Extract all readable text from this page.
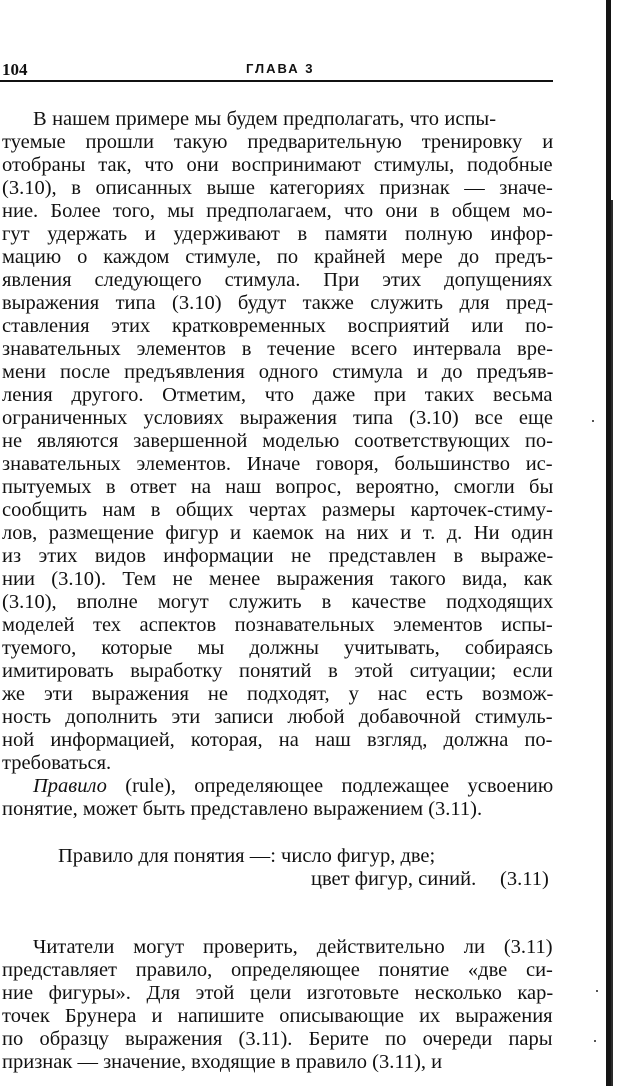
104	ГЛАВА 3
В нашем примере мы будем предполагать, что испы-
туемые прошли такую предварительную тренировку и
отобраны так, что они воспринимают стимулы, подобные
(3.10), в описанных выше категориях признак — значе-
ние. Более того, мы предполагаем, что они в общем мо-
гут удержать и удерживают в памяти полную инфор-
мацию о каждом стимуле, по крайней мере до предъ-
явления следующего стимула. При этих допущениях
выражения типа (3.10) будут также служить для пред-
ставления этих кратковременных восприятий или по-
знавательных элементов в течение всего интервала вре-
мени после предъявления одного стимула и до предъяв-
ления другого. Отметим, что даже при таких весьма
ограниченных условиях выражения типа (3.10) все еще
не являются завершенной моделью соответствующих по-
знавательных элементов. Иначе говоря, большинство ис-
пытуемых в ответ на наш вопрос, вероятно, смогли бы
сообщить нам в общих чертах размеры карточек-стиму-
лов, размещение фигур и каемок на них и т. д. Ни один
из этих видов информации не представлен в выраже-
нии (3.10). Тем не менее выражения такого вида, как
(3.10), вполне могут служить в качестве подходящих
моделей тех аспектов познавательных элементов испы-
туемого, которые мы должны учитывать, собираясь
имитировать выработку понятий в этой ситуации; если
же эти выражения не подходят, у нас есть возмож-
ность дополнить эти записи любой добавочной стимуль-
ной информацией, которая, на наш взгляд, должна по-
требоваться.
Правило (rule), определяющее подлежащее усвоению
понятие, может быть представлено выражением (3.11).
Правило для понятия —: число фигур, две;
цвет фигур, синий. (3.11)
Читатели могут проверить, действительно ли (3.11)
представляет правило, определяющее понятие «две си-
ние фигуры». Для этой цели изготовьте несколько кар-
точек Брунера и напишите описывающие их выражения
по образцу выражения (3.11). Берите по очереди пары
признак — значение, входящие в правило (3.11), и
